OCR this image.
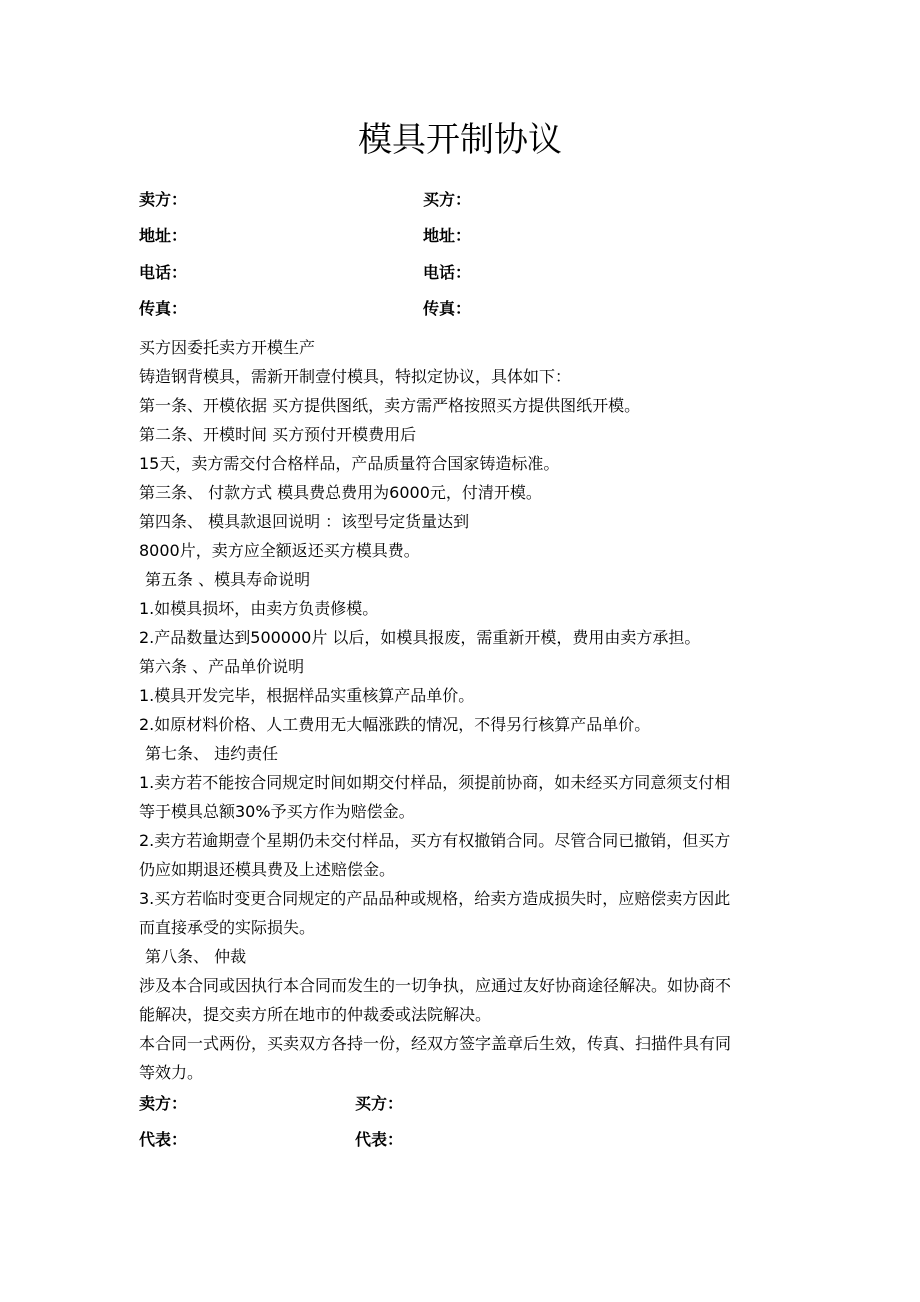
模具开制协议
卖方：	买方：
地址：	地址：
电话：	电话：
传真：	传真：
买方因委托卖方开模生产
铸造钢背模具，需新开制壹付模具，特拟定协议，具体如下：
第一条、开模依据 买方提供图纸，卖方需严格按照买方提供图纸开模。
第二条、开模时间 买方预付开模费用后
15天，卖方需交付合格样品，产品质量符合国家铸造标准。
第三条、 付款方式 模具费总费用为6000元，付清开模。
第四条、 模具款退回说明 ：该型号定货量达到
8000片，卖方应全额返还买方模具费。
第五条 、模具寿命说明
1.如模具损坏，由卖方负责修模。
2.产品数量达到500000片 以后，如模具报废，需重新开模，费用由卖方承担。
第六条 、产品单价说明
1.模具开发完毕，根据样品实重核算产品单价。
2.如原材料价格、人工费用无大幅涨跌的情况，不得另行核算产品单价。
第七条、 违约责任
1.卖方若不能按合同规定时间如期交付样品，须提前协商，如未经买方同意须支付相
等于模具总额30%予买方作为赔偿金。
2.卖方若逾期壹个星期仍未交付样品，买方有权撤销合同。尽管合同已撤销，但买方
仍应如期退还模具费及上述赔偿金。
3.买方若临时变更合同规定的产品品种或规格，给卖方造成损失时，应赔偿卖方因此
而直接承受的实际损失。
第八条、 仲裁
涉及本合同或因执行本合同而发生的一切争执，应通过友好协商途径解决。如协商不
能解决，提交卖方所在地市的仲裁委或法院解决。
本合同一式两份，买卖双方各持一份，经双方签字盖章后生效，传真、扫描件具有同
等效力。
卖方：	买方：
代表：	代表：
